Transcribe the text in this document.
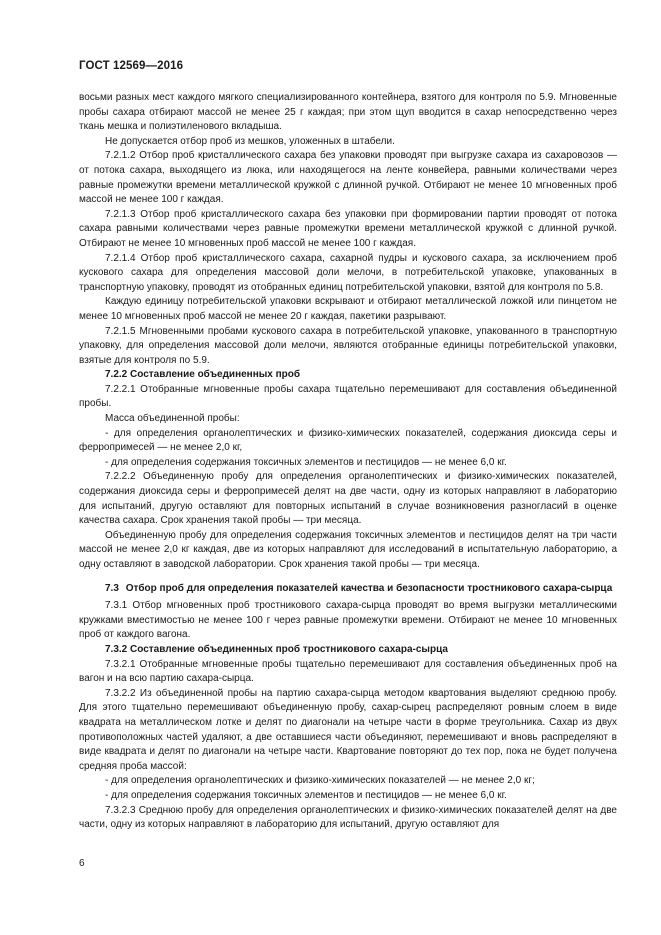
ГОСТ 12569—2016

восьми разных мест каждого мягкого специализированного контейнера, взятого для контроля по 5.9. Мгновенные пробы сахара отбирают массой не менее 25 г каждая; при этом щуп вводится в сахар непосредственно через ткань мешка и полиэтиленового вкладыша.

Не допускается отбор проб из мешков, уложенных в штабели.

7.2.1.2 Отбор проб кристаллического сахара без упаковки проводят при выгрузке сахара из сахаровозов — от потока сахара, выходящего из люка, или находящегося на ленте конвейера, равными количествами через равные промежутки времени металлической кружкой с длинной ручкой. Отбирают не менее 10 мгновенных проб массой не менее 100 г каждая.

7.2.1.3 Отбор проб кристаллического сахара без упаковки при формировании партии проводят от потока сахара равными количествами через равные промежутки времени металлической кружкой с длинной ручкой. Отбирают не менее 10 мгновенных проб массой не менее 100 г каждая.

7.2.1.4 Отбор проб кристаллического сахара, сахарной пудры и кускового сахара, за исключением проб кускового сахара для определения массовой доли мелочи, в потребительской упаковке, упакованных в транспортную упаковку, проводят из отобранных единиц потребительской упаковки, взятой для контроля по 5.8.

Каждую единицу потребительской упаковки вскрывают и отбирают металлической ложкой или пинцетом не менее 10 мгновенных проб массой не менее 20 г каждая, пакетики разрывают.

7.2.1.5 Мгновенными пробами кускового сахара в потребительской упаковке, упакованного в транспортную упаковку, для определения массовой доли мелочи, являются отобранные единицы потребительской упаковки, взятые для контроля по 5.9.

7.2.2 Составление объединенных проб

7.2.2.1 Отобранные мгновенные пробы сахара тщательно перемешивают для составления объединенной пробы.

Масса объединенной пробы:

- для определения органолептических и физико-химических показателей, содержания диоксида серы и ферропримесей — не менее 2,0 кг,

- для определения содержания токсичных элементов и пестицидов — не менее 6,0 кг.

7.2.2.2 Объединенную пробу для определения органолептических и физико-химических показателей, содержания диоксида серы и ферропримесей делят на две части, одну из которых направляют в лабораторию для испытаний, другую оставляют для повторных испытаний в случае возникновения разногласий в оценке качества сахара. Срок хранения такой пробы — три месяца.

Объединенную пробу для определения содержания токсичных элементов и пестицидов делят на три части массой не менее 2,0 кг каждая, две из которых направляют для исследований в испытательную лабораторию, а одну оставляют в заводской лаборатории. Срок хранения такой пробы — три месяца.

7.3 Отбор проб для определения показателей качества и безопасности тростникового сахара-сырца

7.3.1 Отбор мгновенных проб тростникового сахара-сырца проводят во время выгрузки металлическими кружками вместимостью не менее 100 г через равные промежутки времени. Отбирают не менее 10 мгновенных проб от каждого вагона.

7.3.2 Составление объединенных проб тростникового сахара-сырца

7.3.2.1 Отобранные мгновенные пробы тщательно перемешивают для составления объединенных проб на вагон и на всю партию сахара-сырца.

7.3.2.2 Из объединенной пробы на партию сахара-сырца методом квартования выделяют среднюю пробу. Для этого тщательно перемешивают объединенную пробу, сахар-сырец распределяют ровным слоем в виде квадрата на металлическом лотке и делят по диагонали на четыре части в форме треугольника. Сахар из двух противоположных частей удаляют, а две оставшиеся части объединяют, перемешивают и вновь распределяют в виде квадрата и делят по диагонали на четыре части. Квартование повторяют до тех пор, пока не будет получена средняя проба массой:

- для определения органолептических и физико-химических показателей — не менее 2,0 кг;

- для определения содержания токсичных элементов и пестицидов — не менее 6,0 кг.

7.3.2.3 Среднюю пробу для определения органолептических и физико-химических показателей делят на две части, одну из которых направляют в лабораторию для испытаний, другую оставляют для

6
